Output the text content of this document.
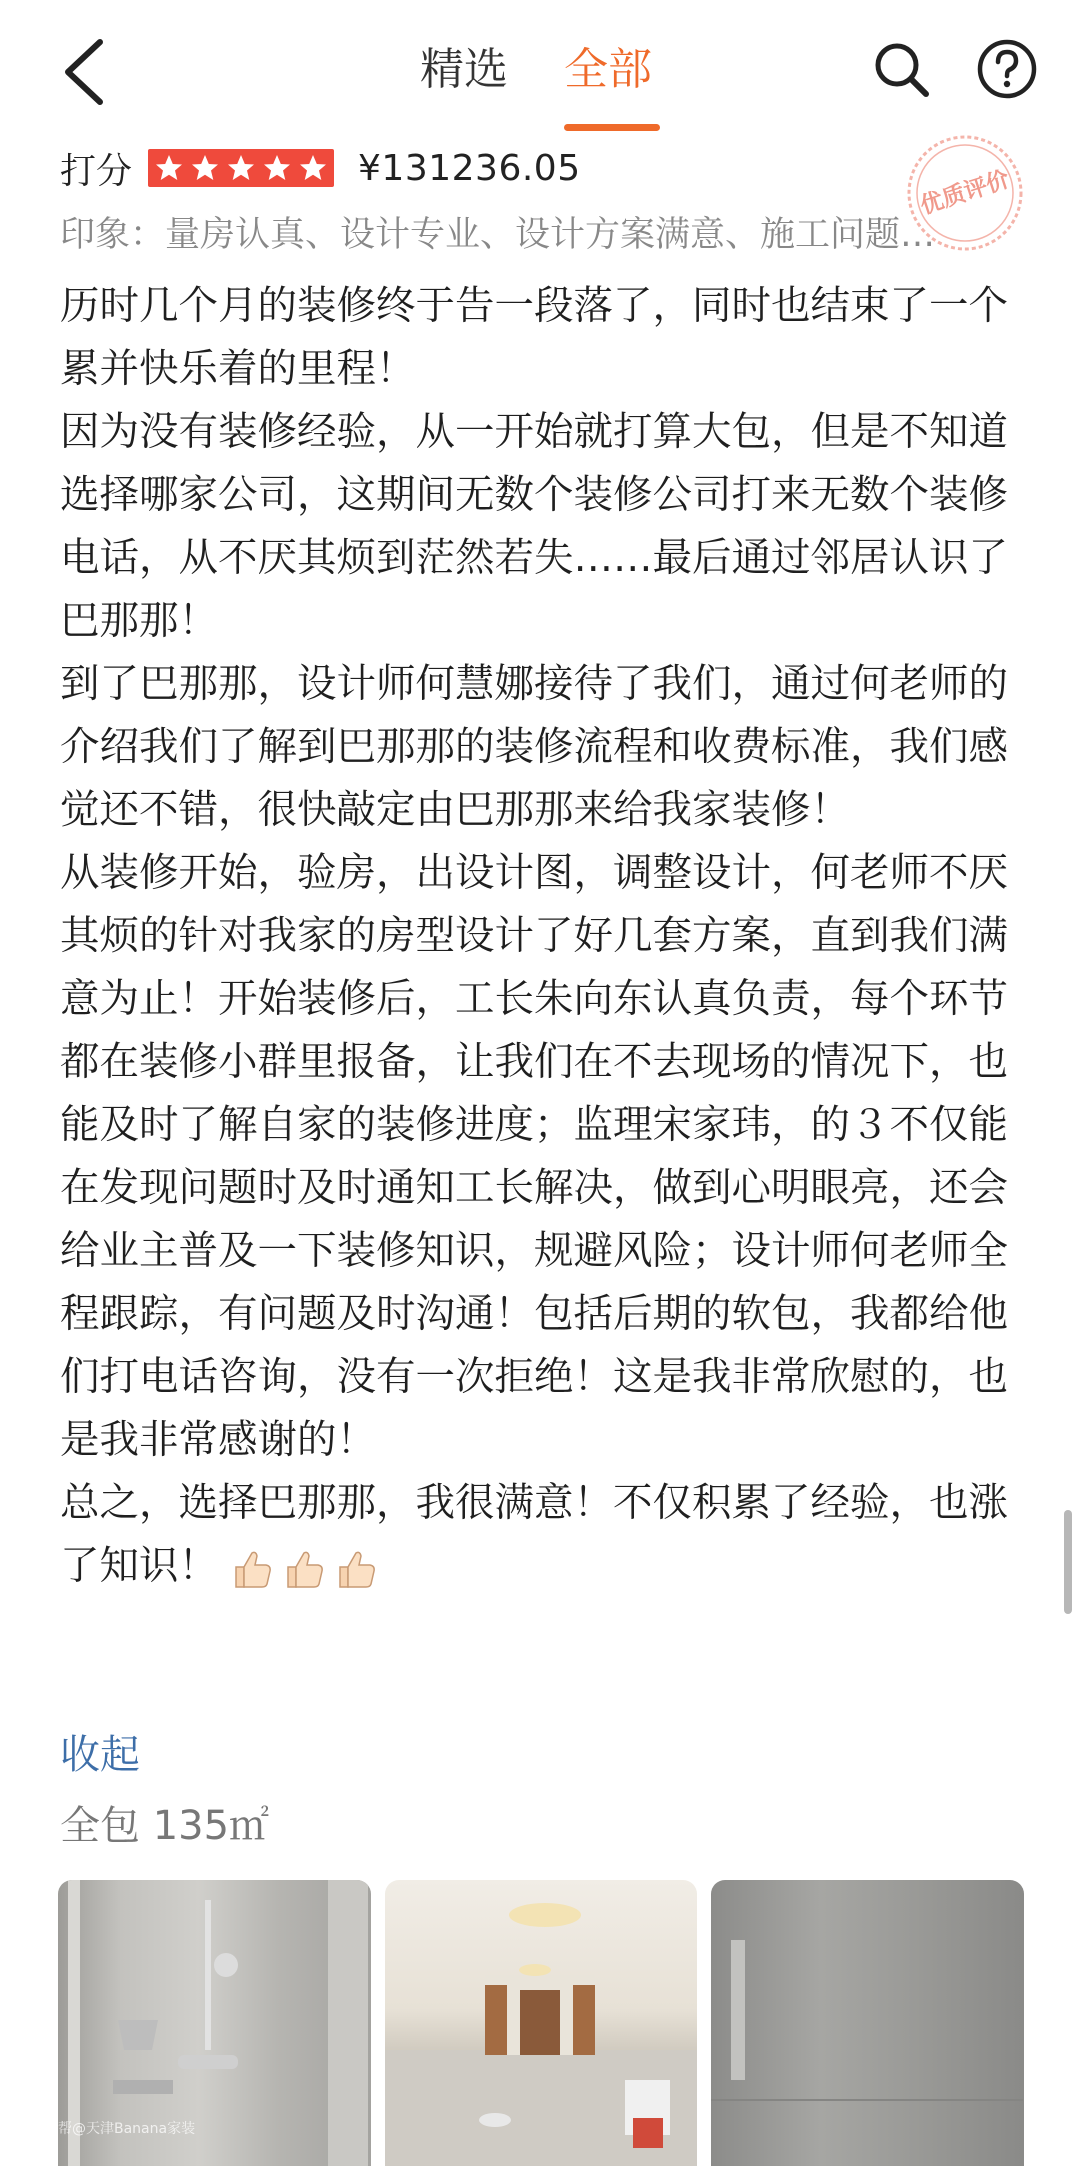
精选 全部
打分	¥131236.05	优质评价
印象：量房认真、设计专业、设计方案满意、施工问题…

历时几个月的装修终于告一段落了，同时也结束了一个累并快乐着的里程！

因为没有装修经验，从一开始就打算大包，但是不知道选择哪家公司，这期间无数个装修公司打来无数个装修电话，从不厌其烦到茫然若失……最后通过邻居认识了巴那那！

到了巴那那，设计师何慧娜接待了我们，通过何老师的介绍我们了解到巴那那的装修流程和收费标准，我们感觉还不错，很快敲定由巴那那来给我家装修！

从装修开始，验房，出设计图，调整设计，何老师不厌其烦的针对我家的房型设计了好几套方案，直到我们满意为止！开始装修后，工长朱向东认真负责，每个环节都在装修小群里报备，让我们在不去现场的情况下，也能及时了解自家的装修进度；监理宋家玮，的３不仅能在发现问题时及时通知工长解决，做到心明眼亮，还会给业主普及一下装修知识，规避风险；设计师何老师全程跟踪，有问题及时沟通！包括后期的软包，我都给他们打电话咨询，没有一次拒绝！这是我非常欣慰的，也是我非常感谢的！

总之，选择巴那那，我很满意！不仅积累了经验，也涨了知识！

收起
全包 135㎡
住小帮@天津Banana家装
